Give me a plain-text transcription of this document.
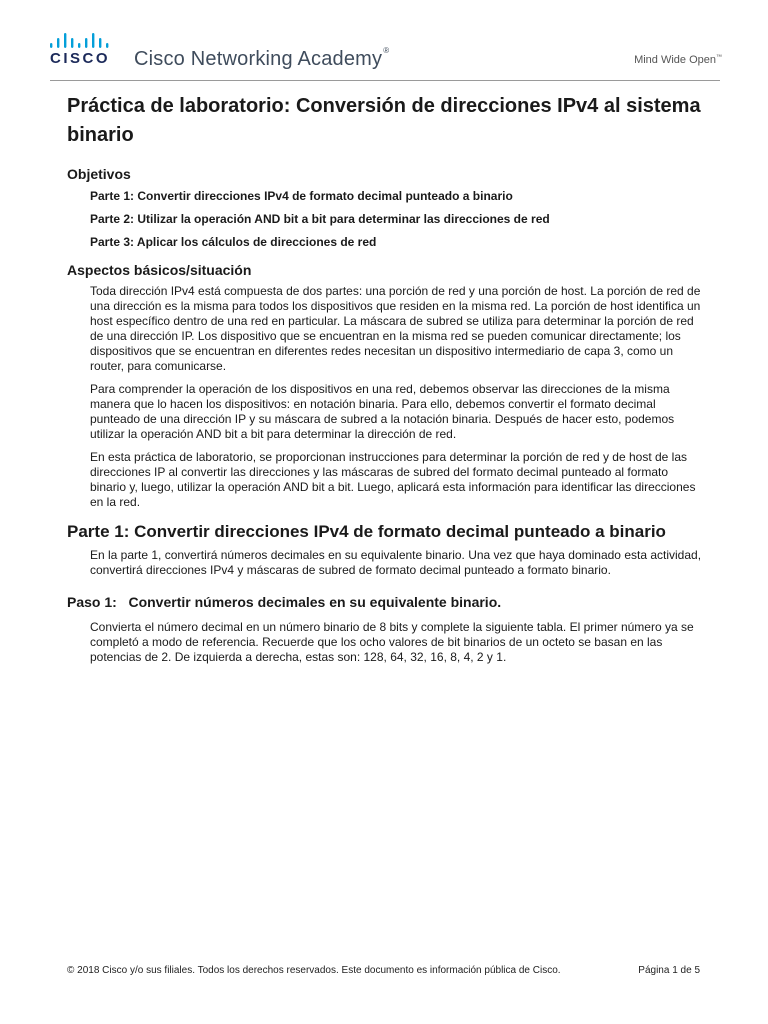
CISCO Cisco Networking Academy®
Mind Wide Open™
Práctica de laboratorio: Conversión de direcciones IPv4 al sistema binario
Objetivos
Parte 1: Convertir direcciones IPv4 de formato decimal punteado a binario
Parte 2: Utilizar la operación AND bit a bit para determinar las direcciones de red
Parte 3: Aplicar los cálculos de direcciones de red
Aspectos básicos/situación

Toda dirección IPv4 está compuesta de dos partes: una porción de red y una porción de host. La porción de red de una dirección es la misma para todos los dispositivos que residen en la misma red. La porción de host identifica un host específico dentro de una red en particular. La máscara de subred se utiliza para determinar la porción de red de una dirección IP. Los dispositivo que se encuentran en la misma red se pueden comunicar directamente; los dispositivos que se encuentran en diferentes redes necesitan un dispositivo intermediario de capa 3, como un router, para comunicarse.

Para comprender la operación de los dispositivos en una red, debemos observar las direcciones de la misma manera que lo hacen los dispositivos: en notación binaria. Para ello, debemos convertir el formato decimal punteado de una dirección IP y su máscara de subred a la notación binaria. Después de hacer esto, podemos utilizar la operación AND bit a bit para determinar la dirección de red.

En esta práctica de laboratorio, se proporcionan instrucciones para determinar la porción de red y de host de las direcciones IP al convertir las direcciones y las máscaras de subred del formato decimal punteado al formato binario y, luego, utilizar la operación AND bit a bit. Luego, aplicará esta información para identificar las direcciones en la red.

Parte 1: Convertir direcciones IPv4 de formato decimal punteado a binario

En la parte 1, convertirá números decimales en su equivalente binario. Una vez que haya dominado esta actividad, convertirá direcciones IPv4 y máscaras de subred de formato decimal punteado a formato binario.

Paso 1:   Convertir números decimales en su equivalente binario.

Convierta el número decimal en un número binario de 8 bits y complete la siguiente tabla. El primer número ya se completó a modo de referencia. Recuerde que los ocho valores de bit binarios de un octeto se basan en las potencias de 2. De izquierda a derecha, estas son: 128, 64, 32, 16, 8, 4, 2 y 1.

© 2018 Cisco y/o sus filiales. Todos los derechos reservados. Este documento es información pública de Cisco.	Página 1 de 5
